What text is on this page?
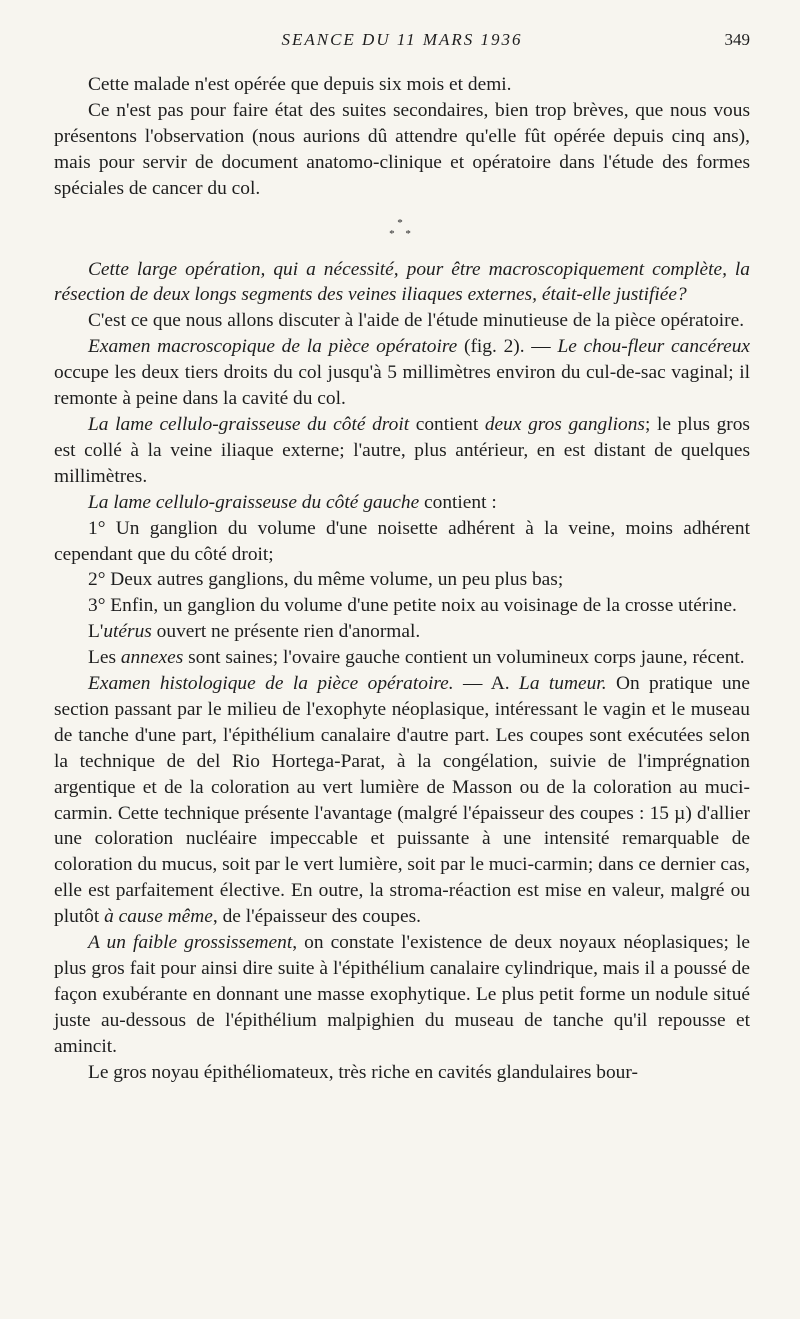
SEANCE DU 11 MARS 1936	349

Cette malade n'est opérée que depuis six mois et demi.

Ce n'est pas pour faire état des suites secondaires, bien trop brèves, que nous vous présentons l'observation (nous aurions dû attendre qu'elle fût opérée depuis cinq ans), mais pour servir de document anatomo-clinique et opératoire dans l'étude des formes spéciales de cancer du col.

*
* *

Cette large opération, qui a nécessité, pour être macroscopiquement complète, la résection de deux longs segments des veines iliaques externes, était-elle justifiée?

C'est ce que nous allons discuter à l'aide de l'étude minutieuse de la pièce opératoire.

Examen macroscopique de la pièce opératoire (fig. 2). — Le chou-fleur cancéreux occupe les deux tiers droits du col jusqu'à 5 millimètres environ du cul-de-sac vaginal; il remonte à peine dans la cavité du col.

La lame cellulo-graisseuse du côté droit contient deux gros ganglions; le plus gros est collé à la veine iliaque externe; l'autre, plus antérieur, en est distant de quelques millimètres.

La lame cellulo-graisseuse du côté gauche contient :

1° Un ganglion du volume d'une noisette adhérent à la veine, moins adhérent cependant que du côté droit;

2° Deux autres ganglions, du même volume, un peu plus bas;

3° Enfin, un ganglion du volume d'une petite noix au voisinage de la crosse utérine.

L'utérus ouvert ne présente rien d'anormal.

Les annexes sont saines; l'ovaire gauche contient un volumineux corps jaune, récent.

Examen histologique de la pièce opératoire. — A. La tumeur. On pratique une section passant par le milieu de l'exophyte néoplasique, intéressant le vagin et le museau de tanche d'une part, l'épithélium canalaire d'autre part. Les coupes sont exécutées selon la technique de del Rio Hortega-Parat, à la congélation, suivie de l'imprégnation argentique et de la coloration au vert lumière de Masson ou de la coloration au muci-carmin. Cette technique présente l'avantage (malgré l'épaisseur des coupes : 15 µ) d'allier une coloration nucléaire impeccable et puissante à une intensité remarquable de coloration du mucus, soit par le vert lumière, soit par le muci-carmin; dans ce dernier cas, elle est parfaitement élective. En outre, la stroma-réaction est mise en valeur, malgré ou plutôt à cause même, de l'épaisseur des coupes.

A un faible grossissement, on constate l'existence de deux noyaux néoplasiques; le plus gros fait pour ainsi dire suite à l'épithélium canalaire cylindrique, mais il a poussé de façon exubérante en donnant une masse exophytique. Le plus petit forme un nodule situé juste au-dessous de l'épithélium malpighien du museau de tanche qu'il repousse et amincit.

Le gros noyau épithéliomateux, très riche en cavités glandulaires bour-
